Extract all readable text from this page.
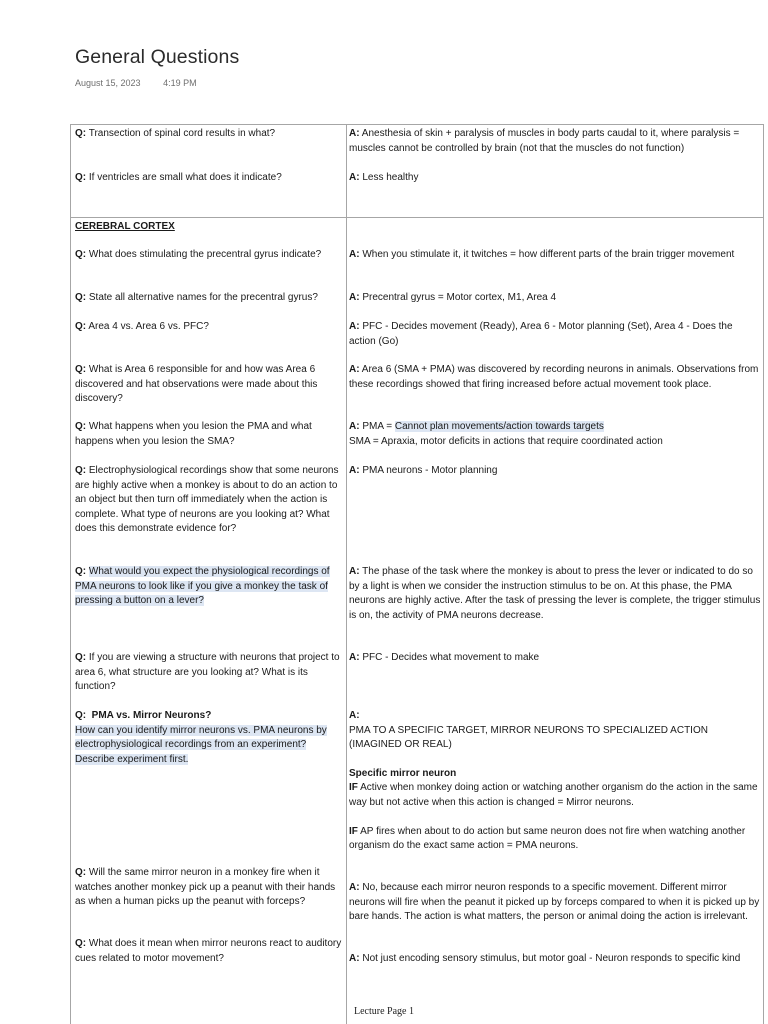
General Questions
August 15, 2023	4:19 PM
Q: Transection of spinal cord results in what?	A: Anesthesia of skin + paralysis of muscles in body parts caudal to it, where paralysis = muscles cannot be controlled by brain (not that the muscles do not function)
Q: If ventricles are small what does it indicate?	A: Less healthy
CEREBRAL CORTEX
Q: What does stimulating the precentral gyrus indicate?	A: When you stimulate it, it twitches = how different parts of the brain trigger movement
Q: State all alternative names for the precentral gyrus?	A: Precentral gyrus = Motor cortex, M1, Area 4
Q: Area 4 vs. Area 6 vs. PFC?	A: PFC - Decides movement (Ready), Area 6 - Motor planning (Set), Area 4 - Does the action (Go)
Q: What is Area 6 responsible for and how was Area 6 discovered and hat observations were made about this discovery?
A: Area 6 (SMA + PMA) was discovered by recording neurons in animals. Observations from these recordings showed that firing increased before actual movement took place.
Q: What happens when you lesion the PMA and what happens when you lesion the SMA?
A: PMA = Cannot plan movements/action towards targets
SMA = Apraxia, motor deficits in actions that require coordinated action
Q: Electrophysiological recordings show that some neurons are highly active when a monkey is about to do an action to an object but then turn off immediately when the action is complete. What type of neurons are you looking at? What does this demonstrate evidence for?
A: PMA neurons - Motor planning
Q: What would you expect the physiological recordings of PMA neurons to look like if you give a monkey the task of pressing a button on a lever?
A: The phase of the task where the monkey is about to press the lever or indicated to do so by a light is when we consider the instruction stimulus to be on. At this phase, the PMA neurons are highly active. After the task of pressing the lever is complete, the trigger stimulus is on, the activity of PMA neurons decrease.
Q: If you are viewing a structure with neurons that project to area 6, what structure are you looking at? What is its function?
A: PFC - Decides what movement to make
Q: PMA vs. Mirror Neurons?
How can you identify mirror neurons vs. PMA neurons by electrophysiological recordings from an experiment? Describe experiment first.
A:
PMA TO A SPECIFIC TARGET, MIRROR NEURONS TO SPECIALIZED ACTION (IMAGINED OR REAL)
Specific mirror neuron
IF Active when monkey doing action or watching another organism do the action in the same way but not active when this action is changed = Mirror neurons.
IF AP fires when about to do action but same neuron does not fire when watching another organism do the exact same action = PMA neurons.
Q: Will the same mirror neuron in a monkey fire when it watches another monkey pick up a peanut with their hands as when a human picks up the peanut with forceps?
A: No, because each mirror neuron responds to a specific movement. Different mirror neurons will fire when the peanut it picked up by forceps compared to when it is picked up by bare hands. The action is what matters, the person or animal doing the action is irrelevant.
Q: What does it mean when mirror neurons react to auditory cues related to motor movement?	A: Not just encoding sensory stimulus, but motor goal - Neuron responds to specific kind
Lecture Page 1
